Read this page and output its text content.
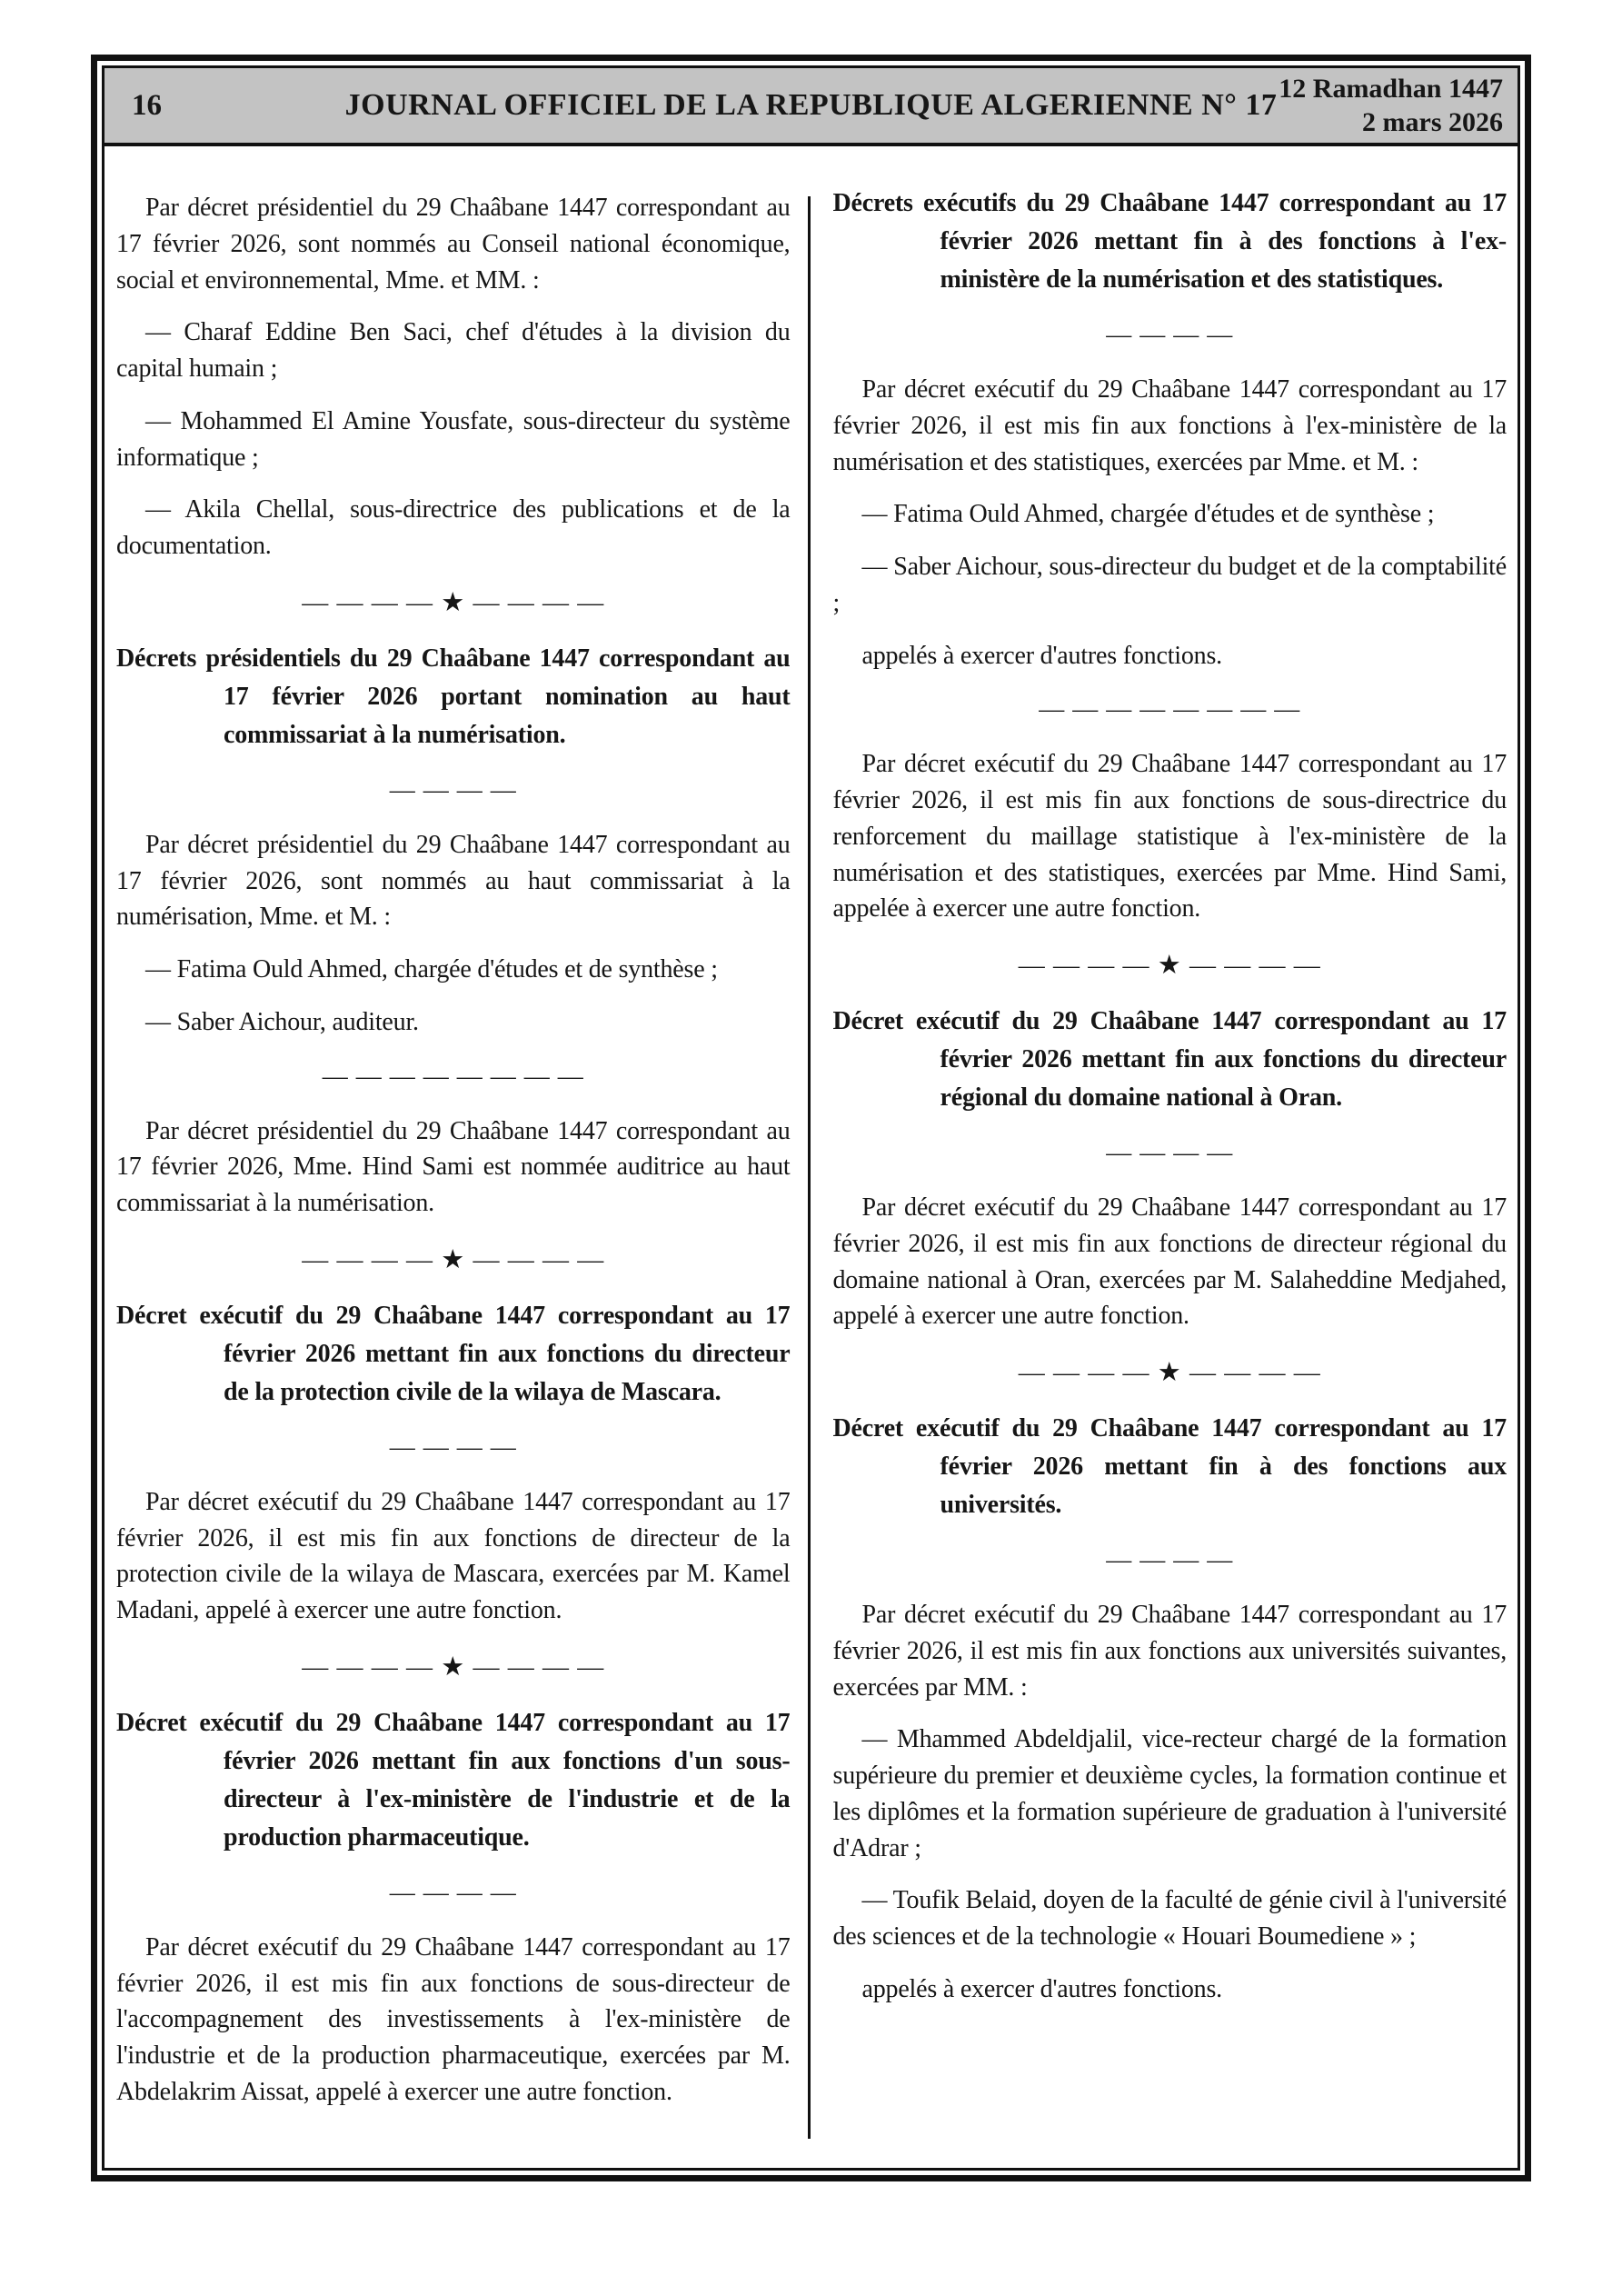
16	JOURNAL OFFICIEL DE LA REPUBLIQUE ALGERIENNE N° 17 12 Ramadhan 1447
2 mars 2026

Par décret présidentiel du 29 Chaâbane 1447 correspondant au 17 février 2026, sont nommés au Conseil national économique, social et environnemental, Mme. et MM. :

— Charaf Eddine Ben Saci, chef d'études à la division du capital humain ;

— Mohammed El Amine Yousfate, sous-directeur du système informatique ;

— Akila Chellal, sous-directrice des publications et de la documentation.

— — — — ★ — — — —

Décrets présidentiels du 29 Chaâbane 1447 correspondant au 17 février 2026 portant nomination au haut commissariat à la numérisation.

— — — —

Par décret présidentiel du 29 Chaâbane 1447 correspondant au 17 février 2026, sont nommés au haut commissariat à la numérisation, Mme. et M. :

— Fatima Ould Ahmed, chargée d'études et de synthèse ;

— Saber Aichour, auditeur.

— — — — — — — —

Par décret présidentiel du 29 Chaâbane 1447 correspondant au 17 février 2026, Mme. Hind Sami est nommée auditrice au haut commissariat à la numérisation.

— — — — ★ — — — —

Décret exécutif du 29 Chaâbane 1447 correspondant au 17 février 2026 mettant fin aux fonctions du directeur de la protection civile de la wilaya de Mascara.

— — — —

Par décret exécutif du 29 Chaâbane 1447 correspondant au 17 février 2026, il est mis fin aux fonctions de directeur de la protection civile de la wilaya de Mascara, exercées par M. Kamel Madani, appelé à exercer une autre fonction.

— — — — ★ — — — —

Décret exécutif du 29 Chaâbane 1447 correspondant au 17 février 2026 mettant fin aux fonctions d'un sous-directeur à l'ex-ministère de l'industrie et de la production pharmaceutique.

— — — —

Par décret exécutif du 29 Chaâbane 1447 correspondant au 17 février 2026, il est mis fin aux fonctions de sous-directeur de l'accompagnement des investissements à l'ex-ministère de l'industrie et de la production pharmaceutique, exercées par M. Abdelakrim Aissat, appelé à exercer une autre fonction.

Décrets exécutifs du 29 Chaâbane 1447 correspondant au 17 février 2026 mettant fin à des fonctions à l'ex-ministère de la numérisation et des statistiques.

— — — —

Par décret exécutif du 29 Chaâbane 1447 correspondant au 17 février 2026, il est mis fin aux fonctions à l'ex-ministère de la numérisation et des statistiques, exercées par Mme. et M. :

— Fatima Ould Ahmed, chargée d'études et de synthèse ;

— Saber Aichour, sous-directeur du budget et de la comptabilité ;

appelés à exercer d'autres fonctions.

— — — — — — — —

Par décret exécutif du 29 Chaâbane 1447 correspondant au 17 février 2026, il est mis fin aux fonctions de sous-directrice du renforcement du maillage statistique à l'ex-ministère de la numérisation et des statistiques, exercées par Mme. Hind Sami, appelée à exercer une autre fonction.

— — — — ★ — — — —

Décret exécutif du 29 Chaâbane 1447 correspondant au 17 février 2026 mettant fin aux fonctions du directeur régional du domaine national à Oran.

— — — —

Par décret exécutif du 29 Chaâbane 1447 correspondant au 17 février 2026, il est mis fin aux fonctions de directeur régional du domaine national à Oran, exercées par M. Salaheddine Medjahed, appelé à exercer une autre fonction.

— — — — ★ — — — —

Décret exécutif du 29 Chaâbane 1447 correspondant au 17 février 2026 mettant fin à des fonctions aux universités.

— — — —

Par décret exécutif du 29 Chaâbane 1447 correspondant au 17 février 2026, il est mis fin aux fonctions aux universités suivantes, exercées par MM. :

— Mhammed Abdeldjalil, vice-recteur chargé de la formation supérieure du premier et deuxième cycles, la formation continue et les diplômes et la formation supérieure de graduation à l'université d'Adrar ;

— Toufik Belaid, doyen de la faculté de génie civil à l'université des sciences et de la technologie « Houari Boumediene » ;

appelés à exercer d'autres fonctions.
